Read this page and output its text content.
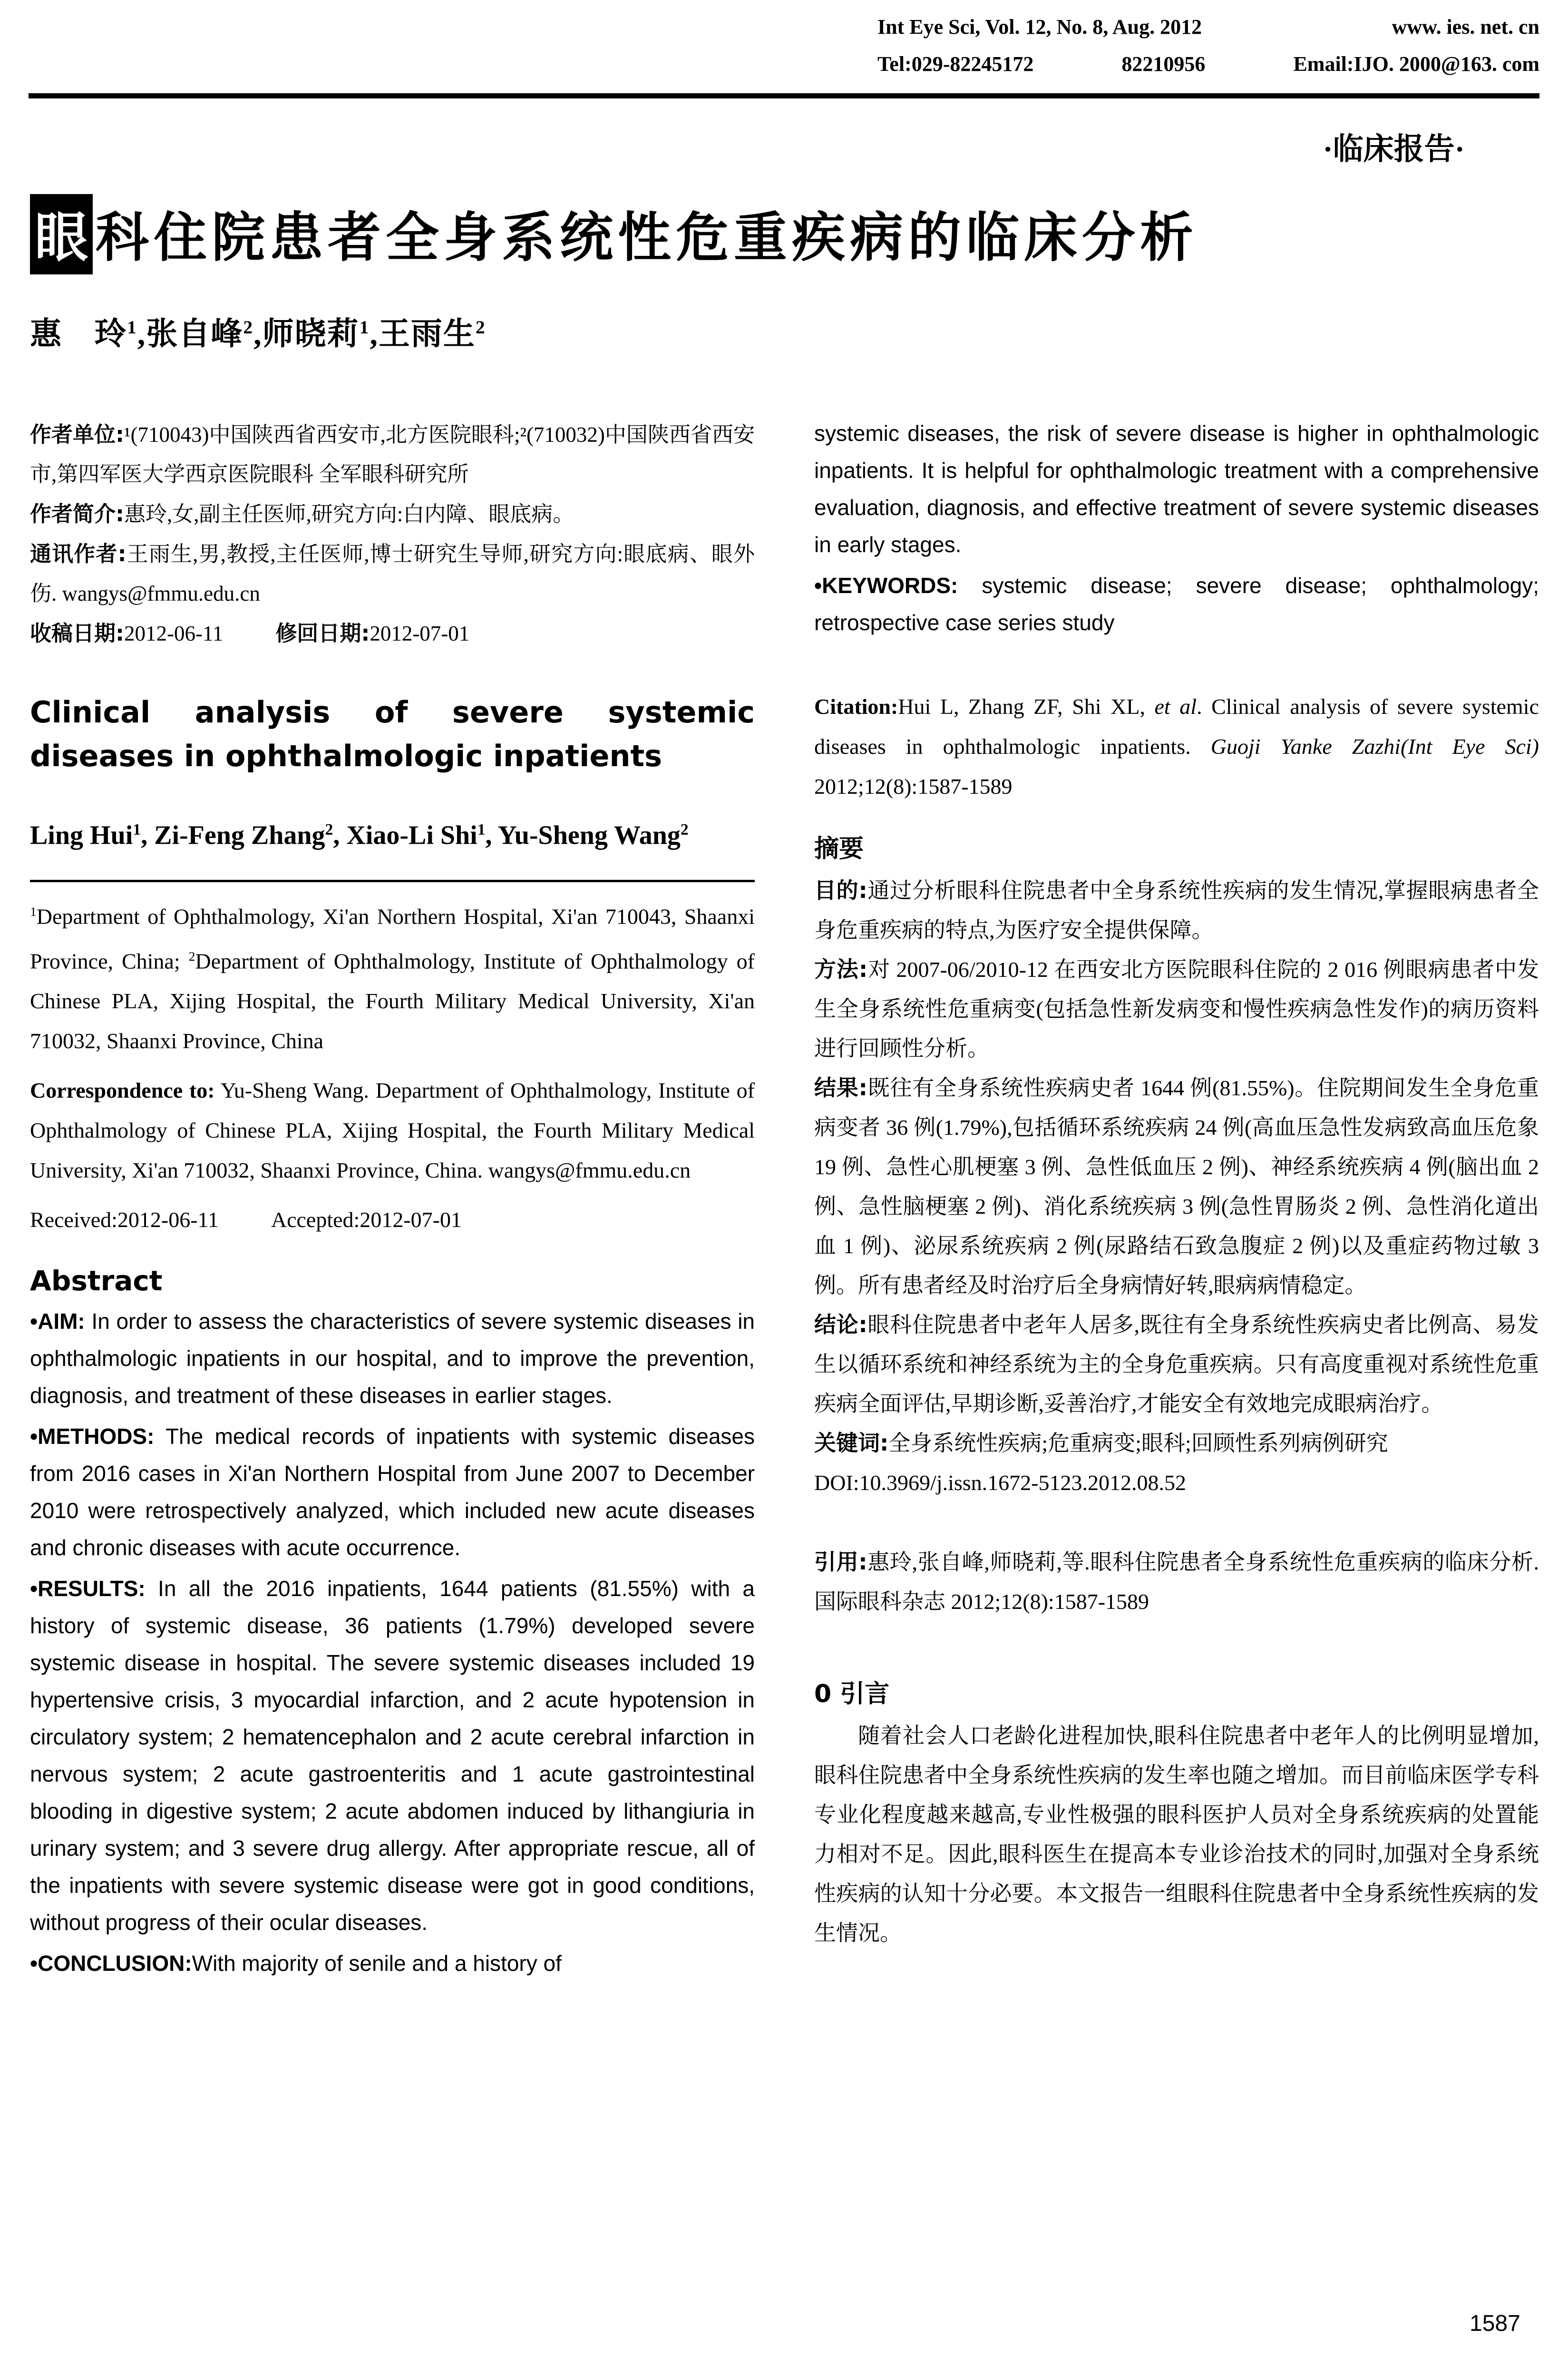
Int Eye Sci, Vol. 12, No. 8, Aug. 2012	www. ies. net. cn
Tel:029-82245172	82210956	Email:IJO. 2000@163. com
·临床报告·
眼 科住院患者全身系统性危重疾病的临床分析
惠　玲$^1$,张自峰$^2$,师晓莉$^1$,王雨生$^2$

作者单位:¹(710043)中国陕西省西安市,北方医院眼科;²(710032)中国陕西省西安市,第四军医大学西京医院眼科 全军眼科研究所

作者简介:惠玲,女,副主任医师,研究方向:白内障、眼底病。

通讯作者:王雨生,男,教授,主任医师,博士研究生导师,研究方向:眼底病、眼外伤. wangys@fmmu.edu.cn

收稿日期:2012-06-11 修回日期:2012-07-01

Clinical analysis of severe systemic diseases in ophthalmologic inpatients
Ling Hui$^1$, Zi-Feng Zhang$^2$, Xiao-Li Shi$^1$, Yu-Sheng Wang$^2$

$^1$Department of Ophthalmology, Xi'an Northern Hospital, Xi'an 710043, Shaanxi Province, China; $^2$Department of Ophthalmology, Institute of Ophthalmology of Chinese PLA, Xijing Hospital, the Fourth Military Medical University, Xi'an 710032, Shaanxi Province, China

Correspondence to: Yu-Sheng Wang. Department of Ophthalmology, Institute of Ophthalmology of Chinese PLA, Xijing Hospital, the Fourth Military Medical University, Xi'an 710032, Shaanxi Province, China. wangys@fmmu.edu.cn

Received:2012-06-11 Accepted:2012-07-01

Abstract

•AIM: In order to assess the characteristics of severe systemic diseases in ophthalmologic inpatients in our hospital, and to improve the prevention, diagnosis, and treatment of these diseases in earlier stages.

•METHODS: The medical records of inpatients with systemic diseases from 2016 cases in Xi'an Northern Hospital from June 2007 to December 2010 were retrospectively analyzed, which included new acute diseases and chronic diseases with acute occurrence.

•RESULTS: In all the 2016 inpatients, 1644 patients (81.55%) with a history of systemic disease, 36 patients (1.79%) developed severe systemic disease in hospital. The severe systemic diseases included 19 hypertensive crisis, 3 myocardial infarction, and 2 acute hypotension in circulatory system; 2 hematencephalon and 2 acute cerebral infarction in nervous system; 2 acute gastroenteritis and 1 acute gastrointestinal blooding in digestive system; 2 acute abdomen induced by lithangiuria in urinary system; and 3 severe drug allergy. After appropriate rescue, all of the inpatients with severe systemic disease were got in good conditions, without progress of their ocular diseases.

•CONCLUSION:With majority of senile and a history of

systemic diseases, the risk of severe disease is higher in ophthalmologic inpatients. It is helpful for ophthalmologic treatment with a comprehensive evaluation, diagnosis, and effective treatment of severe systemic diseases in early stages.

•KEYWORDS: systemic disease; severe disease; ophthalmology; retrospective case series study

Citation:Hui L, Zhang ZF, Shi XL, et al. Clinical analysis of severe systemic diseases in ophthalmologic inpatients. Guoji Yanke Zazhi(Int Eye Sci) 2012;12(8):1587-1589

摘要

目的:通过分析眼科住院患者中全身系统性疾病的发生情况,掌握眼病患者全身危重疾病的特点,为医疗安全提供保障。

方法:对 2007-06/2010-12 在西安北方医院眼科住院的 2 016 例眼病患者中发生全身系统性危重病变(包括急性新发病变和慢性疾病急性发作)的病历资料进行回顾性分析。

结果:既往有全身系统性疾病史者 1644 例(81.55%)。住院期间发生全身危重病变者 36 例(1.79%),包括循环系统疾病 24 例(高血压急性发病致高血压危象 19 例、急性心肌梗塞 3 例、急性低血压 2 例)、神经系统疾病 4 例(脑出血 2 例、急性脑梗塞 2 例)、消化系统疾病 3 例(急性胃肠炎 2 例、急性消化道出血 1 例)、泌尿系统疾病 2 例(尿路结石致急腹症 2 例)以及重症药物过敏 3 例。所有患者经及时治疗后全身病情好转,眼病病情稳定。

结论:眼科住院患者中老年人居多,既往有全身系统性疾病史者比例高、易发生以循环系统和神经系统为主的全身危重疾病。只有高度重视对系统性危重疾病全面评估,早期诊断,妥善治疗,才能安全有效地完成眼病治疗。

关键词:全身系统性疾病;危重病变;眼科;回顾性系列病例研究

DOI:10.3969/j.issn.1672-5123.2012.08.52

引用:惠玲,张自峰,师晓莉,等.眼科住院患者全身系统性危重疾病的临床分析.国际眼科杂志 2012;12(8):1587-1589

0 引言

随着社会人口老龄化进程加快,眼科住院患者中老年人的比例明显增加,眼科住院患者中全身系统性疾病的发生率也随之增加。而目前临床医学专科专业化程度越来越高,专业性极强的眼科医护人员对全身系统疾病的处置能力相对不足。因此,眼科医生在提高本专业诊治技术的同时,加强对全身系统性疾病的认知十分必要。本文报告一组眼科住院患者中全身系统性疾病的发生情况。

1587
